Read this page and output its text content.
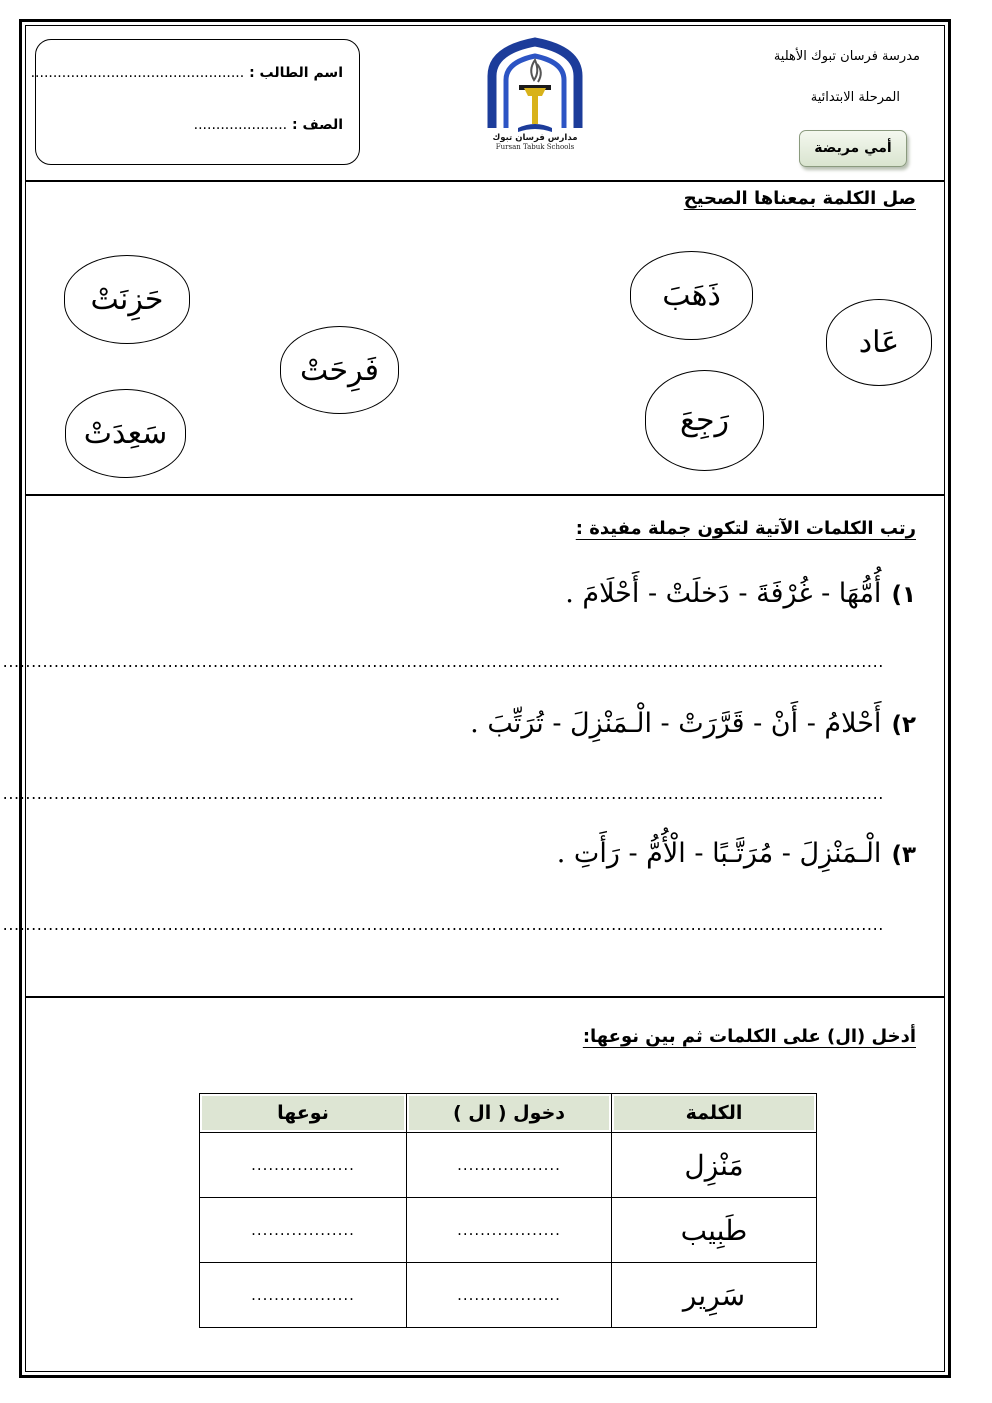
مدرسة فرسان تبوك الأهلية
المرحلة الابتدائية
أمي مريضة
مدارس فرسان تبوك
Fursan Tabuk Schools
اسم الطالب : ................................................
الصف : .....................
صل الكلمة بمعناها الصحيح
ذَهَبَ
عَاد
رَجِعَ
حَزِنَتْ
فَرِحَتْ
سَعِدَتْ
رتب الكلمات الآتية لتكون جملة مفيدة :
١)أُمُّهَا - غُرْفَةَ - دَخلَتْ - أَحْلَامَ .
...........................................................................................................................................................
٢)أَحْلامُ - أَنْ - قَرَّرَتْ - الْـمَنْزِلَ - تُرَتِّبَ .
...........................................................................................................................................................
٣)الْـمَنْزِلَ - مُرَتَّـبًا - الْأُمُّ - رَأَتِ .
...........................................................................................................................................................
أدخل (ال) على الكلمات ثم بين نوعها:
الكلمة	دخول ( ال )	نوعها
مَنْزِل	..................	..................
طَبِيب	..................	..................
سَرِير	..................	..................
